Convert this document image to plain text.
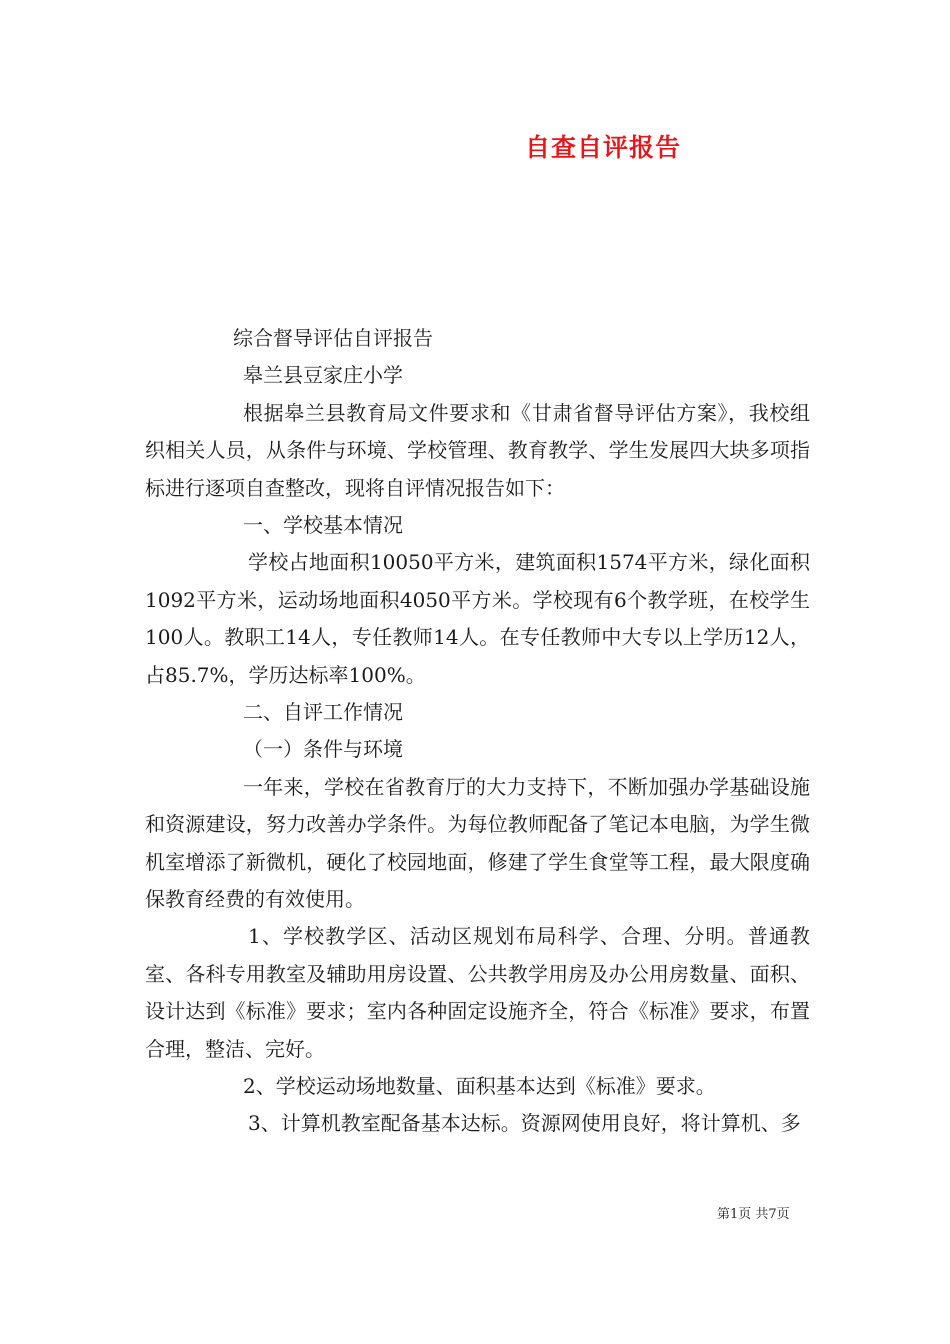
自查自评报告

综合督导评估自评报告

皋兰县豆家庄小学

根据皋兰县教育局文件要求和《甘肃省督导评估方案》，我校组织相关人员，从条件与环境、学校管理、教育教学、学生发展四大块多项指标进行逐项自查整改，现将自评情况报告如下：

一、学校基本情况

学校占地面积10050平方米，建筑面积1574平方米，绿化面积1092平方米，运动场地面积4050平方米。学校现有6个教学班，在校学生100人。教职工14人，专任教师14人。在专任教师中大专以上学历12人，占85.7%，学历达标率100%。

二、自评工作情况

（一）条件与环境

一年来，学校在省教育厅的大力支持下，不断加强办学基础设施和资源建设，努力改善办学条件。为每位教师配备了笔记本电脑，为学生微机室增添了新微机，硬化了校园地面，修建了学生食堂等工程，最大限度确保教育经费的有效使用。

1、学校教学区、活动区规划布局科学、合理、分明。普通教室、各科专用教室及辅助用房设置、公共教学用房及办公用房数量、面积、设计达到《标准》要求；室内各种固定设施齐全，符合《标准》要求，布置合理，整洁、完好。

2、学校运动场地数量、面积基本达到《标准》要求。

3、计算机教室配备基本达标。资源网使用良好，将计算机、多

第1页 共7页
